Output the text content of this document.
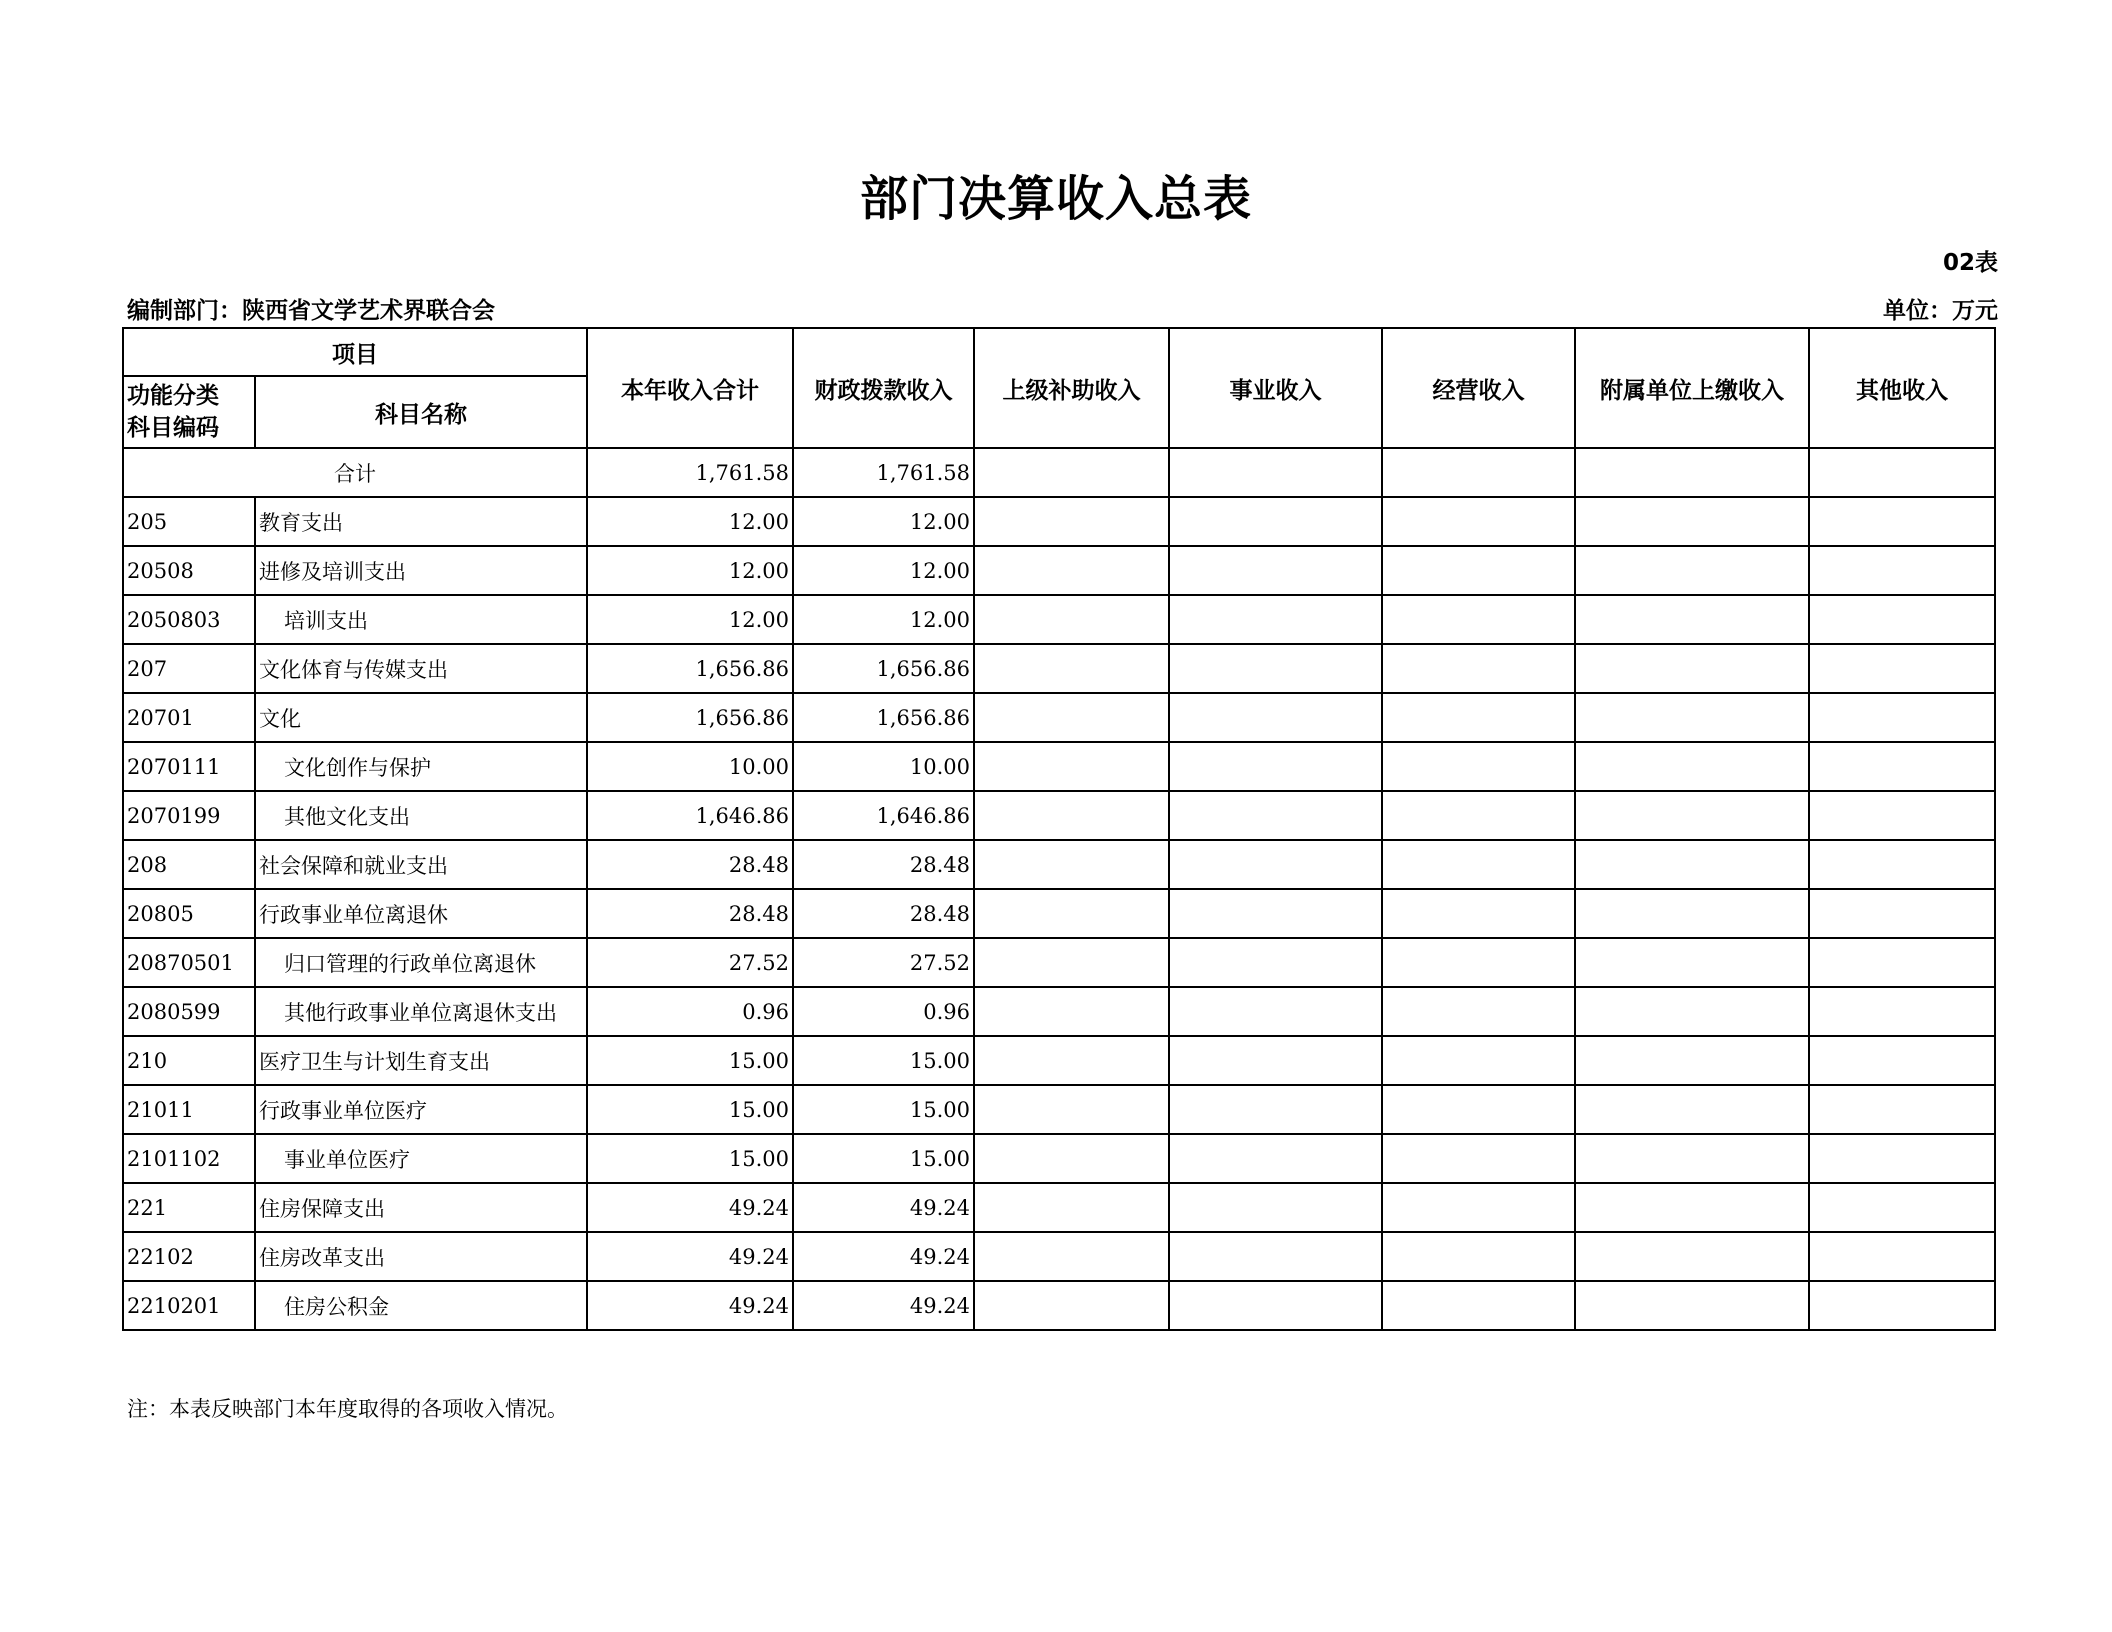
部门决算收入总表
02表
编制部门：陕西省文学艺术界联合会	单位：万元
项目		本年收入合计	财政拨款收入	上级补助收入	事业收入	经营收入	附属单位上缴收入	其他收入
功能分类
科目编码	科目名称							
合计		1,761.58	1,761.58					
205	教育支出	12.00	12.00					
20508	进修及培训支出	12.00	12.00					
2050803	培训支出	12.00	12.00					
207	文化体育与传媒支出	1,656.86	1,656.86					
20701	文化	1,656.86	1,656.86					
2070111	文化创作与保护	10.00	10.00					
2070199	其他文化支出	1,646.86	1,646.86					
208	社会保障和就业支出	28.48	28.48					
20805	行政事业单位离退休	28.48	28.48					
20870501	归口管理的行政单位离退休	27.52	27.52					
2080599	其他行政事业单位离退休支出	0.96	0.96					
210	医疗卫生与计划生育支出	15.00	15.00					
21011	行政事业单位医疗	15.00	15.00					
2101102	事业单位医疗	15.00	15.00					
221	住房保障支出	49.24	49.24					
22102	住房改革支出	49.24	49.24					
2210201	住房公积金	49.24	49.24					
注：本表反映部门本年度取得的各项收入情况。
